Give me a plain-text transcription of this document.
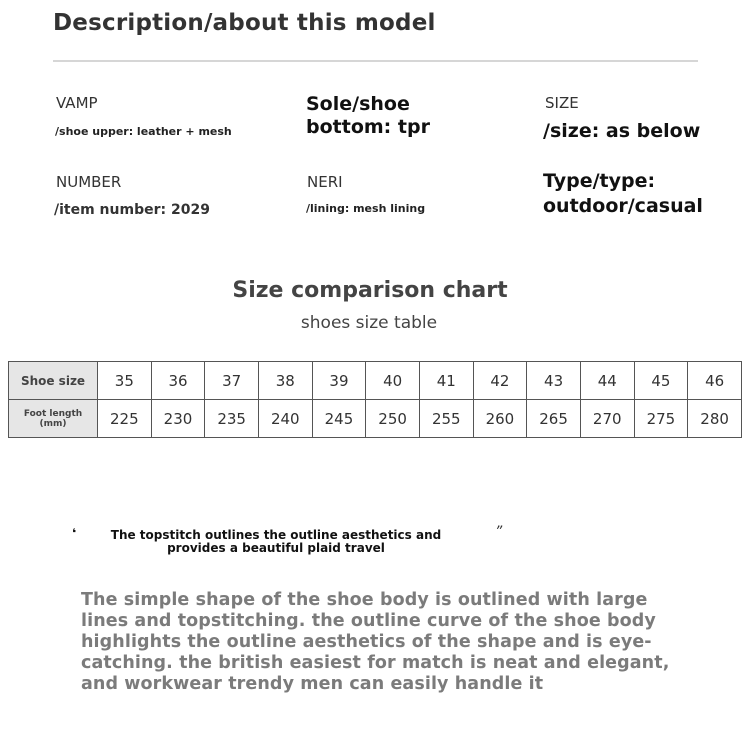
Description/about this model
VAMP
/shoe upper: leather + mesh
Sole/shoe
bottom: tpr
SIZE
/size: as below
NUMBER
/item number: 2029
NERI
/lining: mesh lining
Type/type:
outdoor/casual
Size comparison chart
shoes size table
Shoe size	35	36	37	38	39	40	41	42	43	44	45	46
Foot length (mm)	225	230	235	240	245	250	255	260	265	270	275	280
❛	The topstitch outlines the outline aesthetics and provides a beautiful plaid travel
”
The simple shape of the shoe body is outlined with large lines and topstitching. the outline curve of the shoe body highlights the outline aesthetics of the shape and is eye-catching. the british easiest for match is neat and elegant, and workwear trendy men can easily handle it
